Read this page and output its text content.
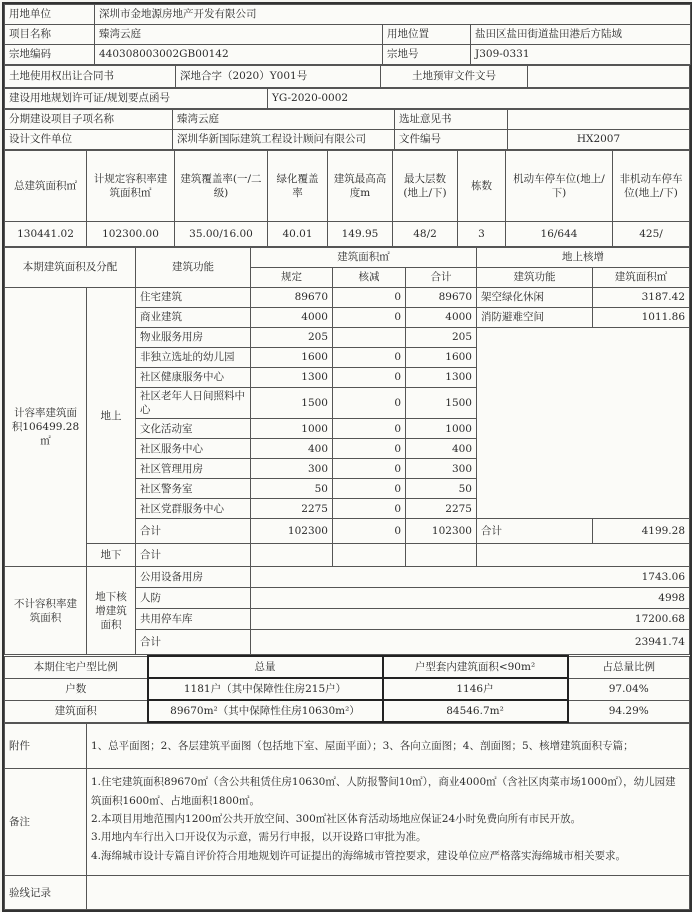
用地单位	深圳市金地源房地产开发有限公司		
项目名称	臻湾云庭	用地位置	盐田区盐田街道盐田港后方陆域
宗地编码	440308003002GB00142	宗地号	J309-0331
土地使用权出让合同书	深地合字（2020）Y001号	土地预审文件文号	
建设用地规划许可证/规划要点函号	YG-2020-0002
分期建设项目子项名称	臻湾云庭	选址意见书	
设计文件单位	深圳华新国际建筑工程设计顾问有限公司	文件编号	HX2007
总建筑面积㎡	计规定容积率建筑面积㎡	建筑覆盖率(一/二级)	绿化覆盖率	建筑最高高度m	最大层数(地上/下)	栋数	机动车停车位(地上/下)	非机动车停车位(地上/下)
130441.02	102300.00	35.00/16.00	40.01	149.95	48/2	3	16/644	425/
本期建筑面积及分配		建筑功能	建筑面积㎡			地上核增	
			规定	核减	合计	建筑功能	建筑面积㎡
计容率建筑面积106499.28㎡	地上	住宅建筑	89670	0	89670	架空绿化休闲	3187.42
		商业建筑	4000	0	4000	消防避难空间	1011.86
		物业服务用房	205		205		
		非独立选址的幼儿园	1600	0	1600		
		社区健康服务中心	1300	0	1300		
		社区老年人日间照料中心	1500	0	1500		
		文化活动室	1000	0	1000		
		社区服务中心	400	0	400		
		社区管理用房	300	0	300		
		社区警务室	50	0	50		
		社区党群服务中心	2275	0	2275		
		合计	102300	0	102300	合计	4199.28
	地下	合计					
不计容积率建筑面积	地下核增建筑面积	公用设备用房	1743.06				
		人防	4998				
		共用停车库	17200.68				
		合计	23941.74				
本期住宅户型比例	总量	户型套内建筑面积<90m²	占总量比例
户数	1181户（其中保障性住房215户）	1146户	97.04%
建筑面积	89670m²（其中保障性住房10630m²）	84546.7m²	94.29%
附件	1、总平面图；2、各层建筑平面图（包括地下室、屋面平面）；3、各向立面图；4、剖面图；5、核增建筑面积专篇；
备注	1.住宅建筑面积89670㎡（含公共租赁住房10630㎡、人防报警间10㎡），商业4000㎡（含社区肉菜市场1000㎡），幼儿园建筑面积1600㎡、占地面积1800㎡。

2.本项目用地范围内1200㎡公共开放空间、300㎡社区体育活动场地应保证24小时免费向所有市民开放。

3.用地内车行出入口开设仅为示意，需另行申报，以开设路口审批为准。

4.海绵城市设计专篇自评价符合用地规划许可证提出的海绵城市管控要求，建设单位应严格落实海绵城市相关要求。

验线记录	
